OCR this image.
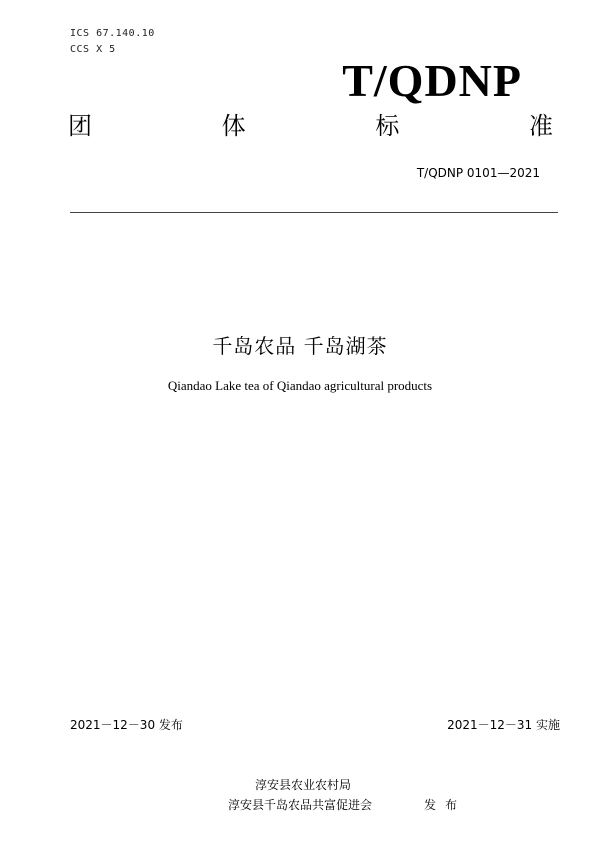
ICS 67.140.10
CCS X 5
T/QDNP
团	体	标	准
T/QDNP 0101—2021
千岛农品 千岛湖茶
Qiandao Lake tea of Qiandao agricultural products
2021－12－30 发布	2021－12－31 实施
淳安县农业农村局
淳安县千岛农品共富促进会	发布
